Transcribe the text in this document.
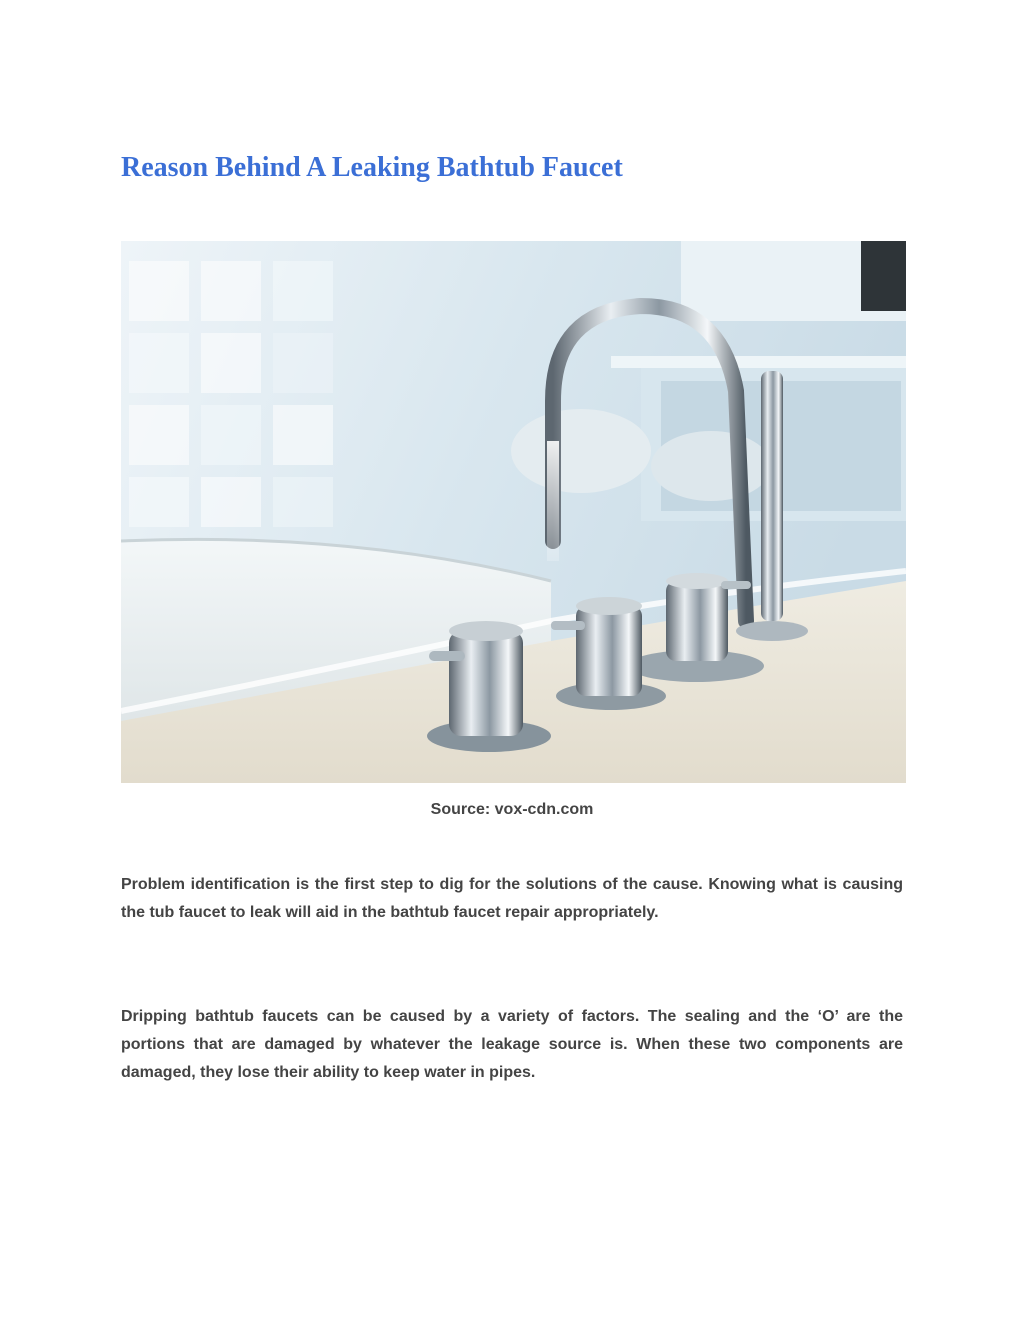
Reason Behind A Leaking Bathtub Faucet
Source: vox-cdn.com

Problem identification is the first step to dig for the solutions of the cause. Knowing what is causing the tub faucet to leak will aid in the bathtub faucet repair appropriately.

Dripping bathtub faucets can be caused by a variety of factors. The sealing and the ‘O’ are the portions that are damaged by whatever the leakage source is. When these two components are damaged, they lose their ability to keep water in pipes.
